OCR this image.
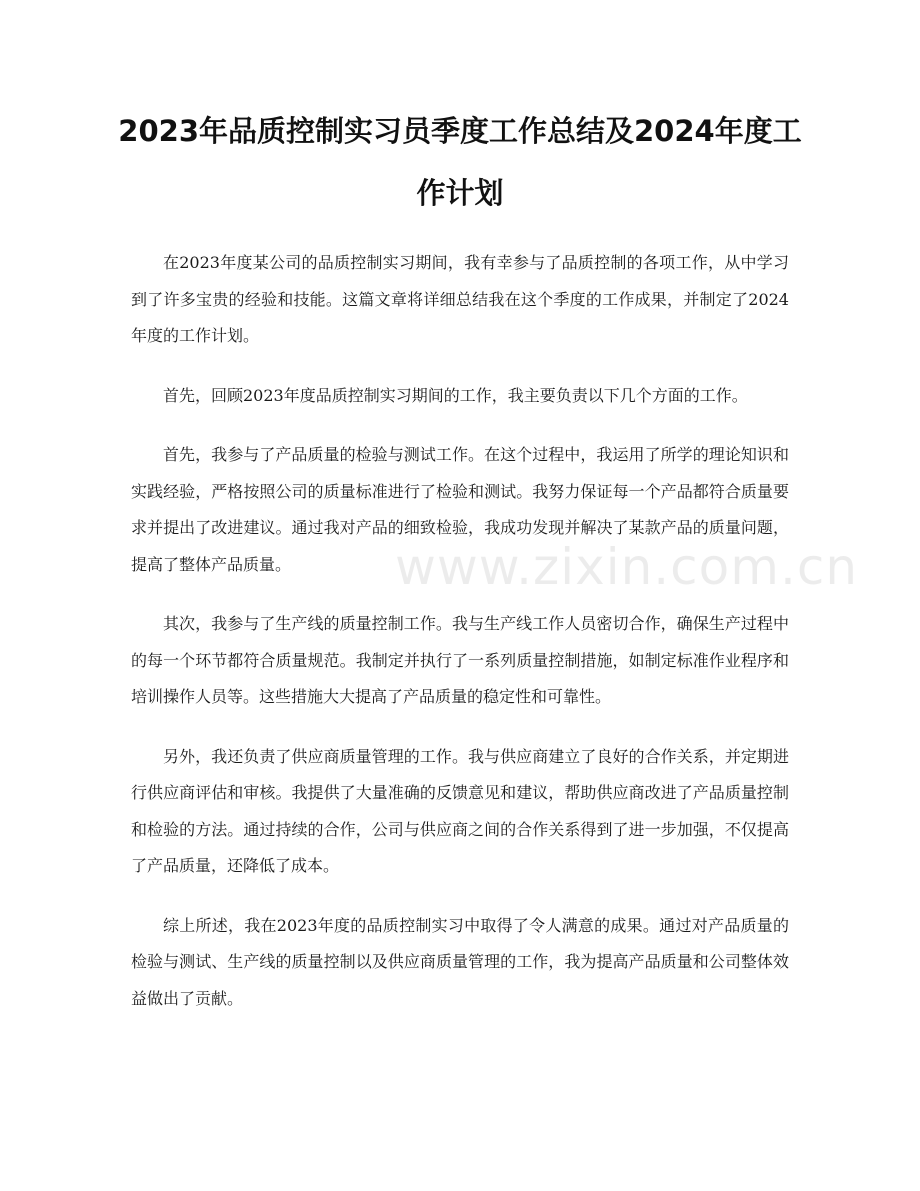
2023年品质控制实习员季度工作总结及2024年度工作计划

在2023年度某公司的品质控制实习期间，我有幸参与了品质控制的各项工作，从中学习到了许多宝贵的经验和技能。这篇文章将详细总结我在这个季度的工作成果，并制定了2024年度的工作计划。

首先，回顾2023年度品质控制实习期间的工作，我主要负责以下几个方面的工作。

首先，我参与了产品质量的检验与测试工作。在这个过程中，我运用了所学的理论知识和实践经验，严格按照公司的质量标准进行了检验和测试。我努力保证每一个产品都符合质量要求并提出了改进建议。通过我对产品的细致检验，我成功发现并解决了某款产品的质量问题，提高了整体产品质量。

其次，我参与了生产线的质量控制工作。我与生产线工作人员密切合作，确保生产过程中的每一个环节都符合质量规范。我制定并执行了一系列质量控制措施，如制定标准作业程序和培训操作人员等。这些措施大大提高了产品质量的稳定性和可靠性。

另外，我还负责了供应商质量管理的工作。我与供应商建立了良好的合作关系，并定期进行供应商评估和审核。我提供了大量准确的反馈意见和建议，帮助供应商改进了产品质量控制和检验的方法。通过持续的合作，公司与供应商之间的合作关系得到了进一步加强，不仅提高了产品质量，还降低了成本。

综上所述，我在2023年度的品质控制实习中取得了令人满意的成果。通过对产品质量的检验与测试、生产线的质量控制以及供应商质量管理的工作，我为提高产品质量和公司整体效益做出了贡献。

www.zixin.com.cn
